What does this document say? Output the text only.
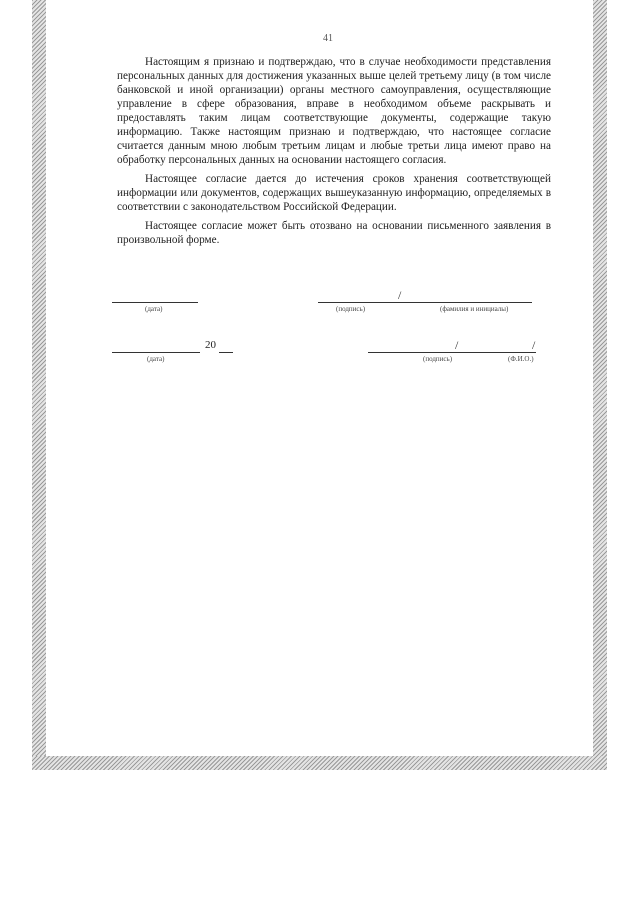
41

Настоящим я признаю и подтверждаю, что в случае необходимости представления персональных данных для достижения указанных выше целей третьему лицу (в том числе банковской и иной организации) органы местного самоуправления, осуществляющие управление в сфере образования, вправе в необходимом объеме раскрывать и предоставлять таким лицам соответствующие документы, содержащие такую информацию. Также настоящим признаю и подтверждаю, что настоящее согласие считается данным мною любым третьим лицам и любые третьи лица имеют право на обработку персональных данных на основании настоящего согласия.

Настоящее согласие дается до истечения сроков хранения соответствующей информации или документов, содержащих вышеуказанную информацию, определяемых в соответствии с законодательством Российской Федерации.

Настоящее согласие может быть отозвано на основании письменного заявления в произвольной форме.

(дата)
/
(подпись)	(фамилия и инициалы)
20
(дата)
/	/
(подпись)	(Ф.И.О.)
